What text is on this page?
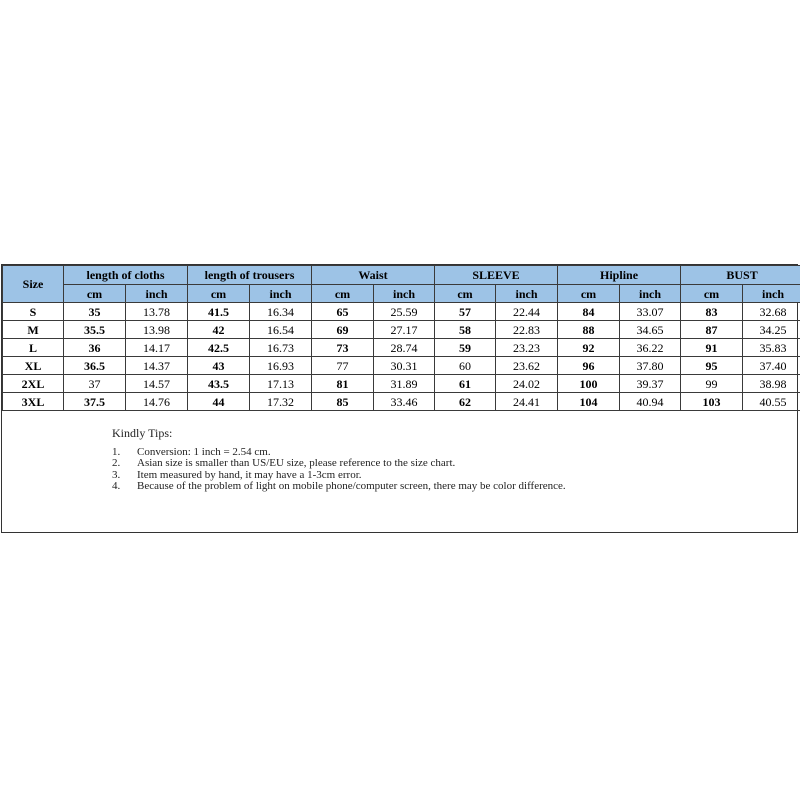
Size	length of cloths		length of trousers		Waist		SLEEVE		Hipline		BUST	
	cm	inch	cm	inch	cm	inch	cm	inch	cm	inch	cm	inch
S	35	13.78	41.5	16.34	65	25.59	57	22.44	84	33.07	83	32.68
M	35.5	13.98	42	16.54	69	27.17	58	22.83	88	34.65	87	34.25
L	36	14.17	42.5	16.73	73	28.74	59	23.23	92	36.22	91	35.83
XL	36.5	14.37	43	16.93	77	30.31	60	23.62	96	37.80	95	37.40
2XL	37	14.57	43.5	17.13	81	31.89	61	24.02	100	39.37	99	38.98
3XL	37.5	14.76	44	17.32	85	33.46	62	24.41	104	40.94	103	40.55
Kindly Tips:
1. Conversion: 1 inch = 2.54 cm.
2. Asian size is smaller than US/EU size, please reference to the size chart.
3. Item measured by hand, it may have a 1-3cm error.
4. Because of the problem of light on mobile phone/computer screen, there may be color difference.
